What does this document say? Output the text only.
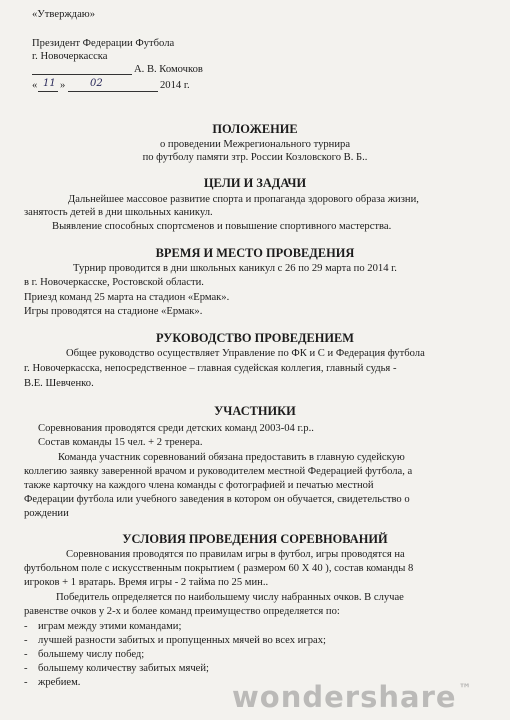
«Утверждаю»
Президент Федерации Футбола
г. Новочеркасска
А. В. Комочков
« 11 » 02	2014 г.
ПОЛОЖЕНИЕ
о проведении Межрегионального турнира
по футболу памяти зтр. России Козловского В. Б..
ЦЕЛИ И ЗАДАЧИ
Дальнейшее массовое развитие спорта и пропаганда здорового образа жизни,
занятость детей в дни школьных каникул.
Выявление способных спортсменов и повышение спортивного мастерства.
ВРЕМЯ И МЕСТО ПРОВЕДЕНИЯ
Турнир проводится в дни школьных каникул с 26 по 29 марта по 2014 г.
в г. Новочеркасске, Ростовской области.
Приезд команд 25 марта на стадион «Ермак».
Игры проводятся на стадионе «Ермак».
РУКОВОДСТВО ПРОВЕДЕНИЕМ
Общее руководство осуществляет Управление по ФК и С и Федерация футбола
г. Новочеркасска, непосредственное – главная судейская коллегия, главный судья -
В.Е. Шевченко.
УЧАСТНИКИ
Соревнования проводятся среди детских команд 2003-04 г.р..
Состав команды 15 чел. + 2 тренера.
Команда участник соревнований обязана предоставить в главную судейскую
коллегию заявку заверенной врачом и руководителем местной Федерацией футбола, а
также карточку на каждого члена команды с фотографией и печатью местной
Федерации футбола или учебного заведения в котором он обучается, свидетельство о
рождении
УСЛОВИЯ ПРОВЕДЕНИЯ СОРЕВНОВАНИЙ
Соревнования проводятся по правилам игры в футбол, игры проводятся на
футбольном поле с искусственным покрытием ( размером 60 Х 40 ), состав команды 8
игроков + 1 вратарь. Время игры - 2 тайма по 25 мин..
Победитель определяется по наибольшему числу набранных очков. В случае
равенстве очков у 2-х и более команд преимущество определяется по:
- играм между этими командами;
- лучшей разности забитых и пропущенных мячей во всех играх;
- большему числу побед;
- большему количеству забитых мячей;
- жребием.	wondershare ™
